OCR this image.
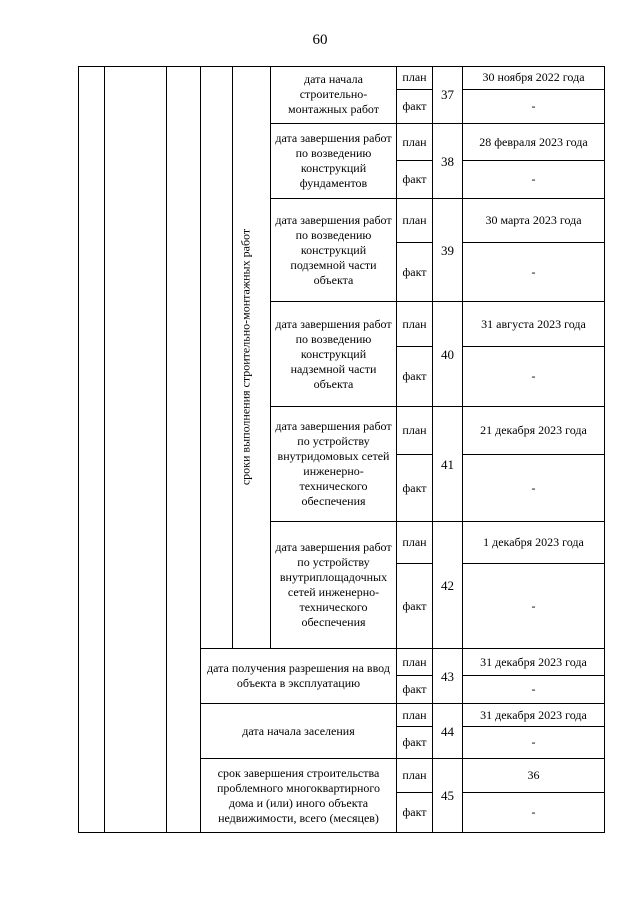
60
сроки выполнения строительно-монтажных работ
дата начала строительно-монтажных работ
план
факт
37
30 ноября 2022 года
-
дата завершения работ по возведению конструкций фундаментов
план
факт
38
28 февраля 2023 года
-
дата завершения работ по возведению конструкций подземной части объекта
план
факт
39
30 марта 2023 года
-
дата завершения работ по возведению конструкций надземной части объекта
план
факт
40
31 августа 2023 года
-
дата завершения работ по устройству внутридомовых сетей инженерно-технического обеспечения
план
факт
41
21 декабря 2023 года
-
дата завершения работ по устройству внутриплощадочных сетей инженерно-технического обеспечения
план
факт
42
1 декабря 2023 года
-
дата получения разрешения на ввод объекта в эксплуатацию
план
факт
43
31 декабря 2023 года
-
дата начала заселения
план
факт
44
31 декабря 2023 года
-
срок завершения строительства проблемного многоквартирного дома и (или) иного объекта недвижимости, всего (месяцев)
план
факт
45
36
-
